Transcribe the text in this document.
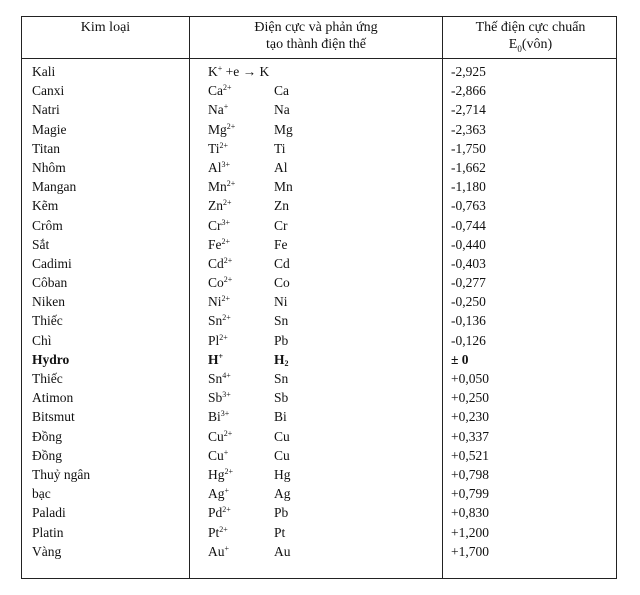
Kim loại	Điện cực và phản ứng
tạo thành điện thế
Thế điện cực chuẩn
$E_0(vôn)$
Kali	K+ +e → K	-2,925
Canxi	$Ca^{2+}$	Ca	-2,866
Natri	Na+	Na	-2,714
Magie	$Mg^{2+}$	Mg	-2,363
Titan	$Ti^{2+}$	Ti	-1,750
Nhôm	$Al^{3+}$	Al	-1,662
Mangan	$Mn^{2+}$	Mn	-1,180
Kẽm	$Zn^{2+}$	Zn	-0,763
Crôm	$Cr^{3+}$	Cr	-0,744
Sắt	$Fe^{2+}$	Fe	-0,440
Cadimi	$Cd^{2+}$	Cd	-0,403
Côban	$Co^{2+}$	Co	-0,277
Niken	$Ni^{2+}$	Ni	-0,250
Thiếc	$Sn^{2+}$	Sn	-0,136
Chì	$Pl^{2+}$	Pb	-0,126
Hydro	H+	$H_2$	± 0
Thiếc	$Sn^{4+}$	Sn	+0,050
Atimon	$Sb^{3+}$	Sb	+0,250
Bitsmut	$Bi^{3+}$	Bi	+0,230
Đồng	$Cu^{2+}$	Cu	+0,337
Đồng	Cu+	Cu	+0,521
Thuỷ ngân	$Hg^{2+}$	Hg	+0,798
bạc	Ag+	Ag	+0,799
Paladi	$Pd^{2+}$	Pb	+0,830
Platin	$Pt^{2+}$	Pt	+1,200
Vàng	Au+	Au	+1,700
